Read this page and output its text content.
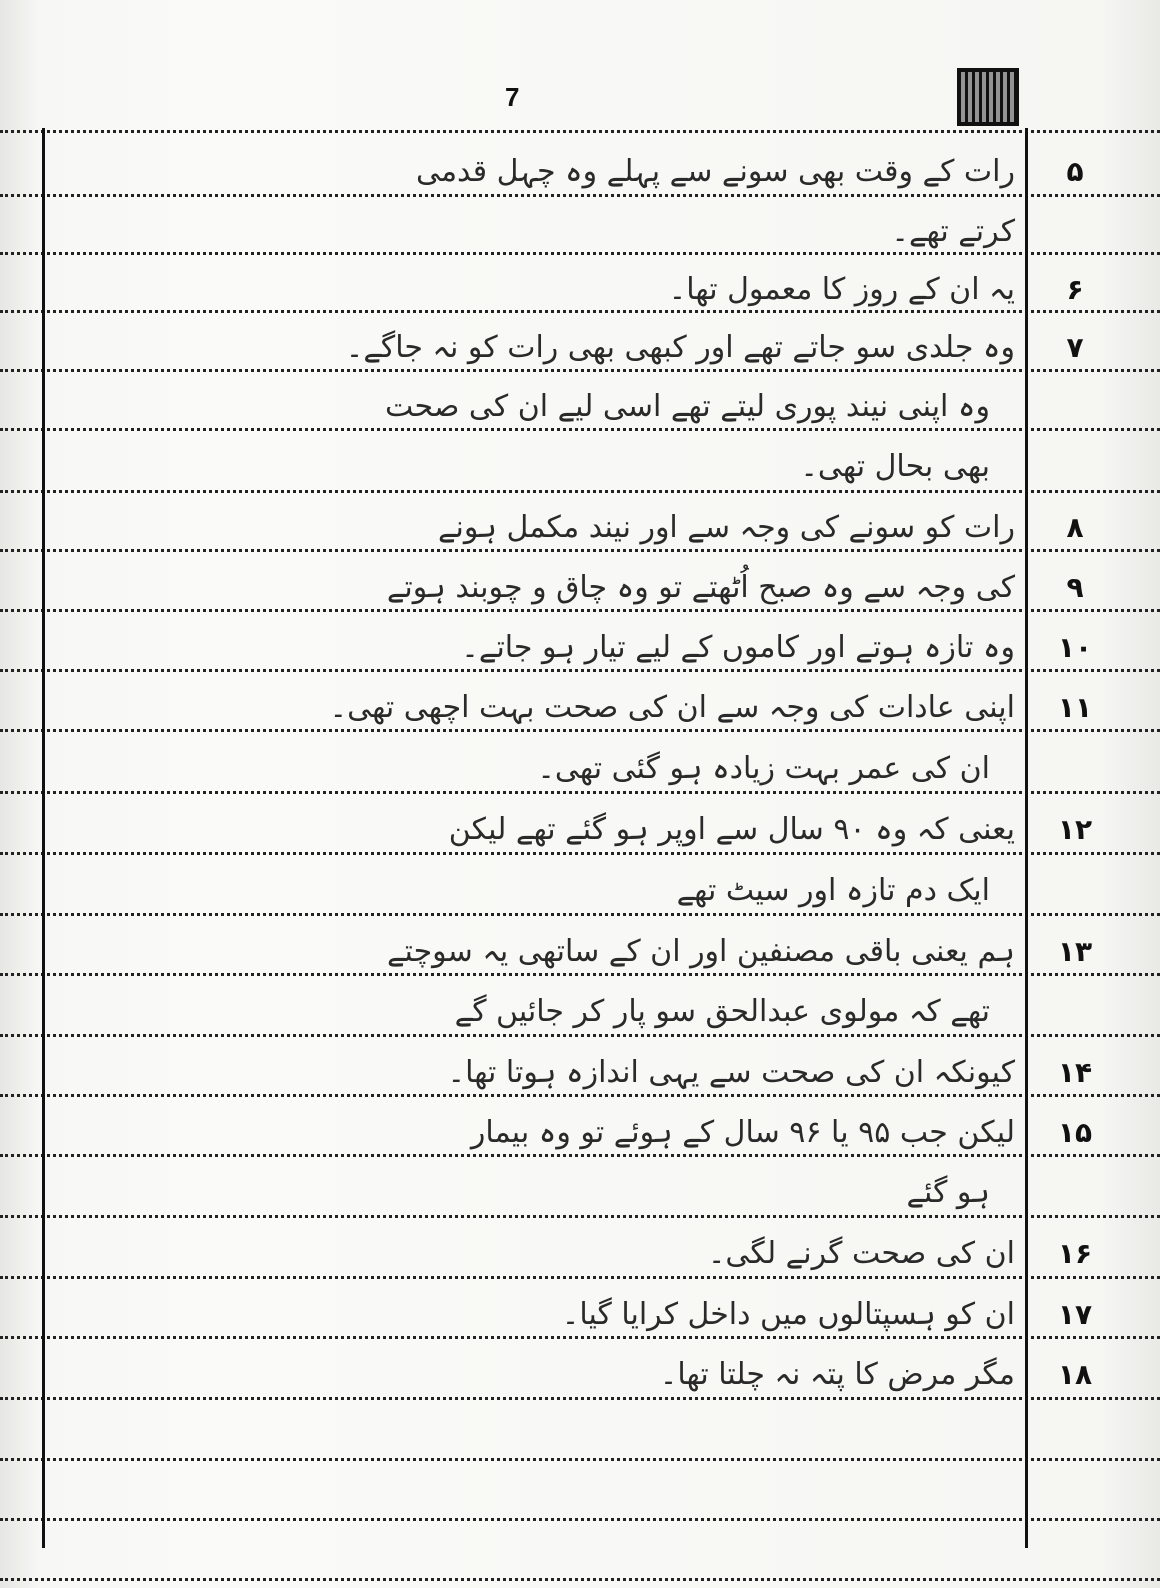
7
۵
رات کے وقت بھی سونے سے پہلے وہ چہل قدمی
کرتے تھے۔
۶
یہ ان کے روز کا معمول تھا۔
۷
وہ جلدی سو جاتے تھے اور کبھی بھی رات کو نہ جاگے۔
وہ اپنی نیند پوری لیتے تھے اسی لیے ان کی صحت
بھی بحال تھی۔
۸
رات کو سونے کی وجہ سے اور نیند مکمل ہونے
۹
کی وجہ سے وہ صبح اُٹھتے تو وہ چاق و چوبند ہوتے
۱۰
وہ تازہ ہوتے اور کاموں کے لیے تیار ہو جاتے۔
۱۱
اپنی عادات کی وجہ سے ان کی صحت بہت اچھی تھی۔
ان کی عمر بہت زیادہ ہو گئی تھی۔
۱۲
یعنی کہ وہ ۹۰ سال سے اوپر ہو گئے تھے لیکن
ایک دم تازہ اور سیٹ تھے
۱۳
ہم یعنی باقی مصنفین اور ان کے ساتھی یہ سوچتے
تھے کہ مولوی عبدالحق سو پار کر جائیں گے
۱۴
کیونکہ ان کی صحت سے یہی اندازہ ہوتا تھا۔
۱۵
لیکن جب ۹۵ یا ۹۶ سال کے ہوئے تو وہ بیمار
ہو گئے
۱۶
ان کی صحت گرنے لگی۔
۱۷
ان کو ہسپتالوں میں داخل کرایا گیا۔
۱۸
مگر مرض کا پتہ نہ چلتا تھا۔
